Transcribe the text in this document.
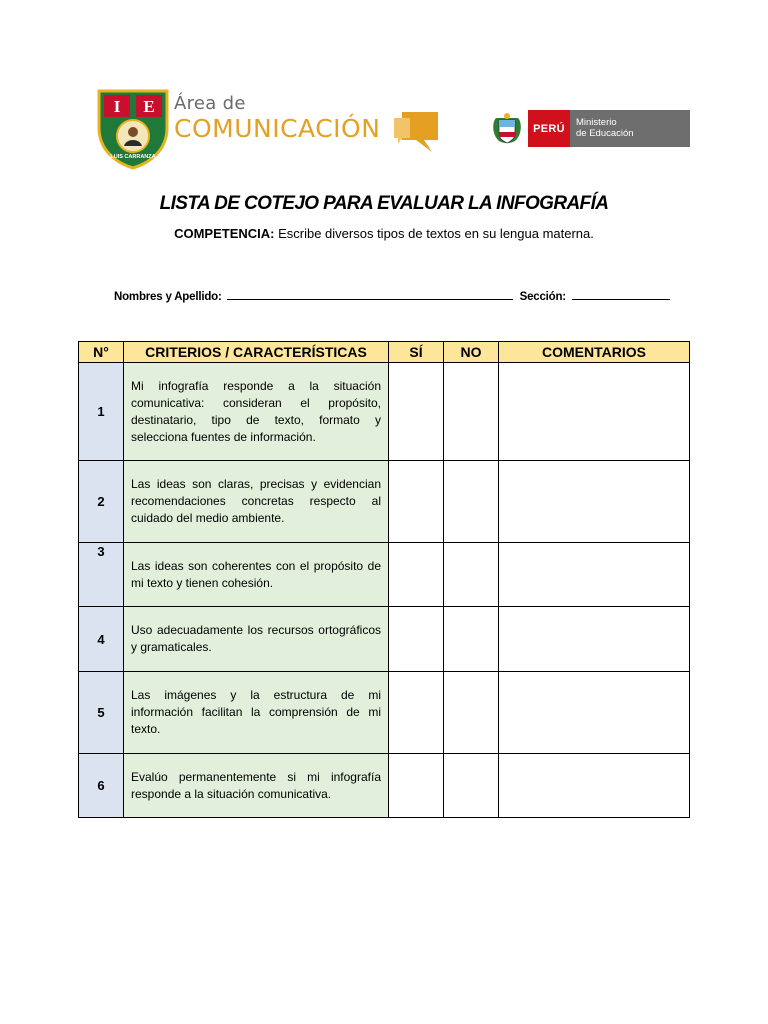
I E
LUIS CARRANZA
Área de
COMUNICACIÓN	PERÚ	Ministerio
de Educación
LISTA DE COTEJO PARA EVALUAR LA INFOGRAFÍA
COMPETENCIA: Escribe diversos tipos de textos en su lengua materna.
Nombres y Apellido:	Sección:
N°	CRITERIOS / CARACTERÍSTICAS	SÍ	NO	COMENTARIOS
1	Mi infografía responde a la situación comunicativa: consideran el propósito, destinatario, tipo de texto, formato y selecciona fuentes de información.			

2	Las ideas son claras, precisas y evidencian recomendaciones concretas respecto al cuidado del medio ambiente.			

3	Las ideas son coherentes con el propósito de mi texto y tienen cohesión.			

4	Uso adecuadamente los recursos ortográficos y gramaticales.			

5	Las imágenes y la estructura de mi información facilitan la comprensión de mi texto.			

6	Evalúo permanentemente si mi infografía responde a la situación comunicativa.			
